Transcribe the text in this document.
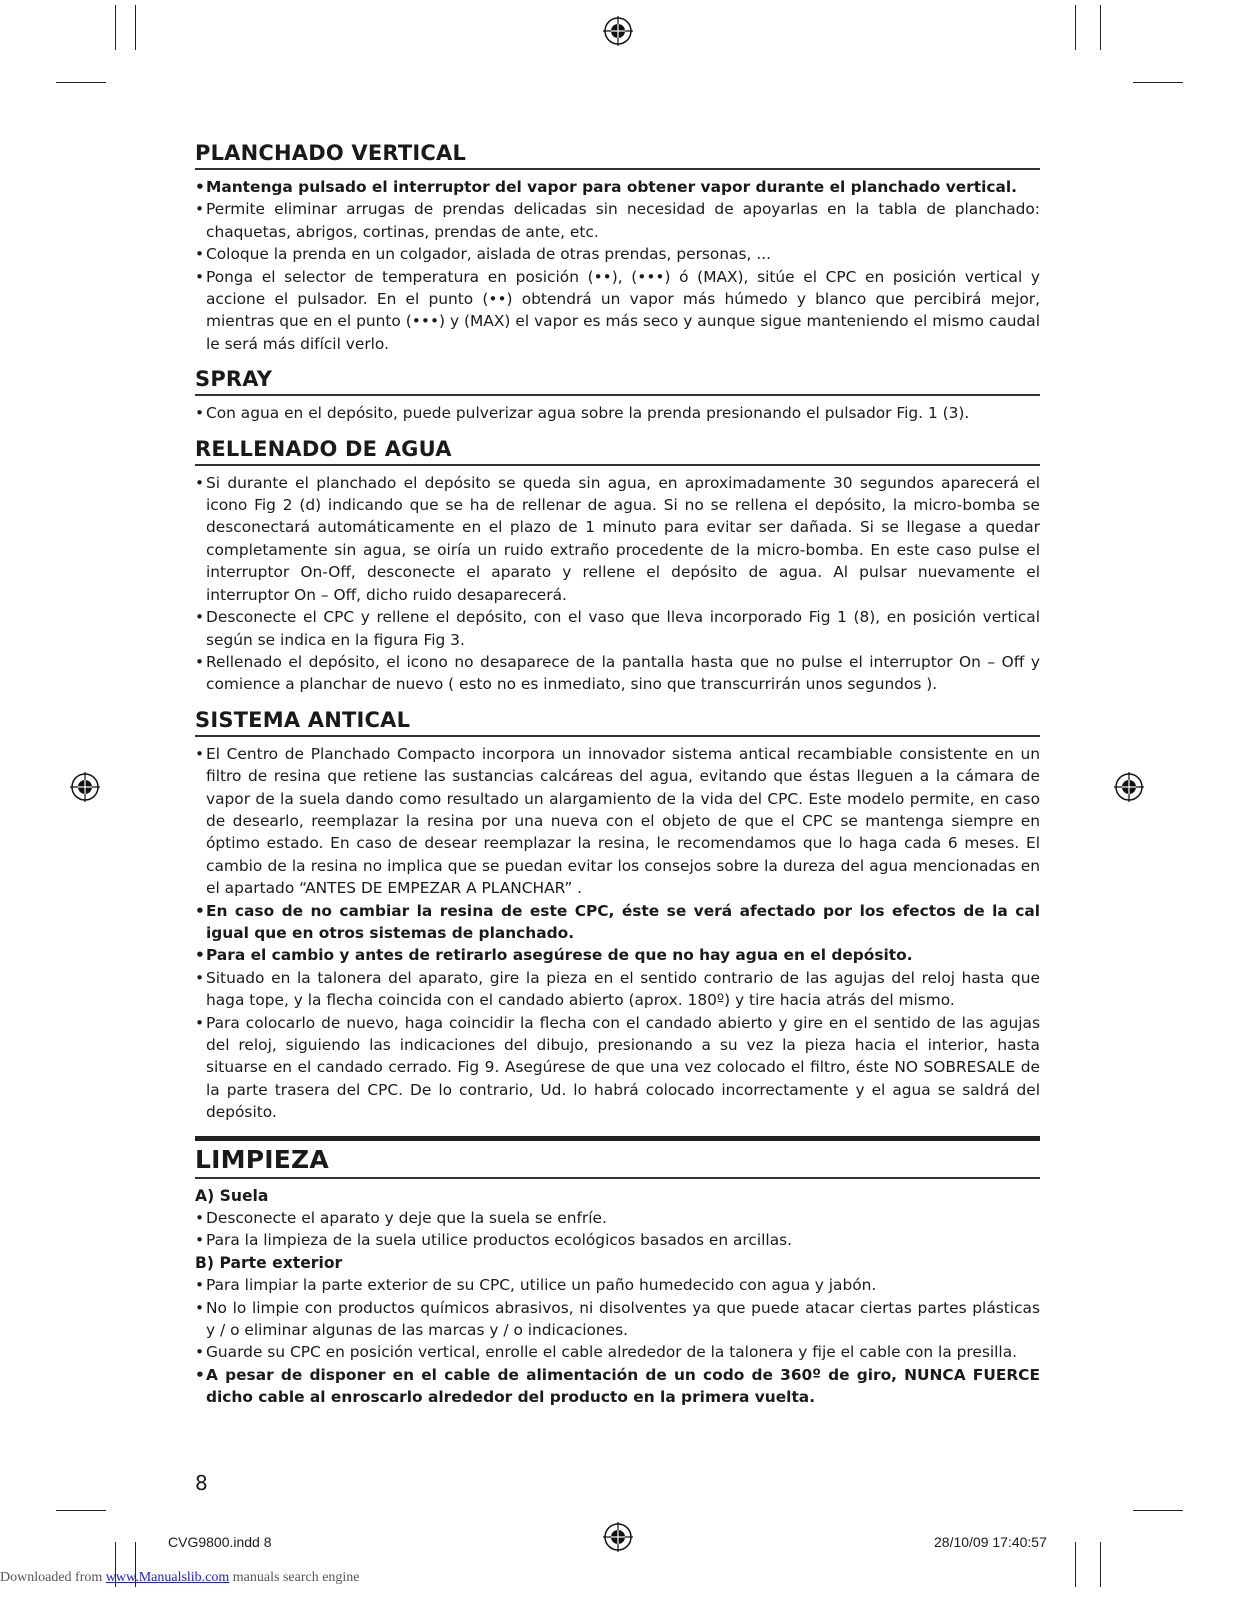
PLANCHADO VERTICAL
• Mantenga pulsado el interruptor del vapor para obtener vapor durante el planchado vertical.
• Permite eliminar arrugas de prendas delicadas sin necesidad de apoyarlas en la tabla de planchado: chaquetas, abrigos, cortinas, prendas de ante, etc.
• Coloque la prenda en un colgador, aislada de otras prendas, personas, ...
• Ponga el selector de temperatura en posición (••), (•••) ó (MAX), sitúe el CPC en posición vertical y accione el pulsador. En el punto (••) obtendrá un vapor más húmedo y blanco que percibirá mejor, mientras que en el punto (•••) y (MAX) el vapor es más seco y aunque sigue manteniendo el mismo caudal le será más difícil verlo.
SPRAY
• Con agua en el depósito, puede pulverizar agua sobre la prenda presionando el pulsador Fig. 1 (3).
RELLENADO DE AGUA
• Si durante el planchado el depósito se queda sin agua, en aproximadamente 30 segundos aparecerá el icono Fig 2 (d) indicando que se ha de rellenar de agua. Si no se rellena el depósito, la micro-bomba se desconectará automáticamente en el plazo de 1 minuto para evitar ser dañada. Si se llegase a quedar completamente sin agua, se oiría un ruido extraño procedente de la micro-bomba. En este caso pulse el interruptor On-Off, desconecte el aparato y rellene el depósito de agua. Al pulsar nuevamente el interruptor On – Off, dicho ruido desaparecerá.
• Desconecte el CPC y rellene el depósito, con el vaso que lleva incorporado Fig 1 (8), en posición vertical según se indica en la figura Fig 3.
• Rellenado el depósito, el icono no desaparece de la pantalla hasta que no pulse el interruptor On – Off y comience a planchar de nuevo ( esto no es inmediato, sino que transcurrirán unos segundos ).
SISTEMA ANTICAL
• El Centro de Planchado Compacto incorpora un innovador sistema antical recambiable consistente en un filtro de resina que retiene las sustancias calcáreas del agua, evitando que éstas lleguen a la cámara de vapor de la suela dando como resultado un alargamiento de la vida del CPC. Este modelo permite, en caso de desearlo, reemplazar la resina por una nueva con el objeto de que el CPC se mantenga siempre en óptimo estado. En caso de desear reemplazar la resina, le recomendamos que lo haga cada 6 meses. El cambio de la resina no implica que se puedan evitar los consejos sobre la dureza del agua mencionadas en el apartado “ANTES DE EMPEZAR A PLANCHAR” .
• En caso de no cambiar la resina de este CPC, éste se verá afectado por los efectos de la cal igual que en otros sistemas de planchado.
• Para el cambio y antes de retirarlo asegúrese de que no hay agua en el depósito.
• Situado en la talonera del aparato, gire la pieza en el sentido contrario de las agujas del reloj hasta que haga tope, y la flecha coincida con el candado abierto (aprox. 180º) y tire hacia atrás del mismo.
• Para colocarlo de nuevo, haga coincidir la flecha con el candado abierto y gire en el sentido de las agujas del reloj, siguiendo las indicaciones del dibujo, presionando a su vez la pieza hacia el interior, hasta situarse en el candado cerrado. Fig 9. Asegúrese de que una vez colocado el filtro, éste NO SOBRESALE de la parte trasera del CPC. De lo contrario, Ud. lo habrá colocado incorrectamente y el agua se saldrá del depósito.
LIMPIEZA
A) Suela
• Desconecte el aparato y deje que la suela se enfríe.
• Para la limpieza de la suela utilice productos ecológicos basados en arcillas.
B) Parte exterior
• Para limpiar la parte exterior de su CPC, utilice un paño humedecido con agua y jabón.
• No lo limpie con productos químicos abrasivos, ni disolventes ya que puede atacar ciertas partes plásticas y / o eliminar algunas de las marcas y / o indicaciones.
• Guarde su CPC en posición vertical, enrolle el cable alrededor de la talonera y fije el cable con la presilla.
• A pesar de disponer en el cable de alimentación de un codo de 360º de giro, NUNCA FUERCE dicho cable al enroscarlo alrededor del producto en la primera vuelta.
8
CVG9800.indd 8	28/10/09 17:40:57
Downloaded from www.Manualslib.com manuals search engine
